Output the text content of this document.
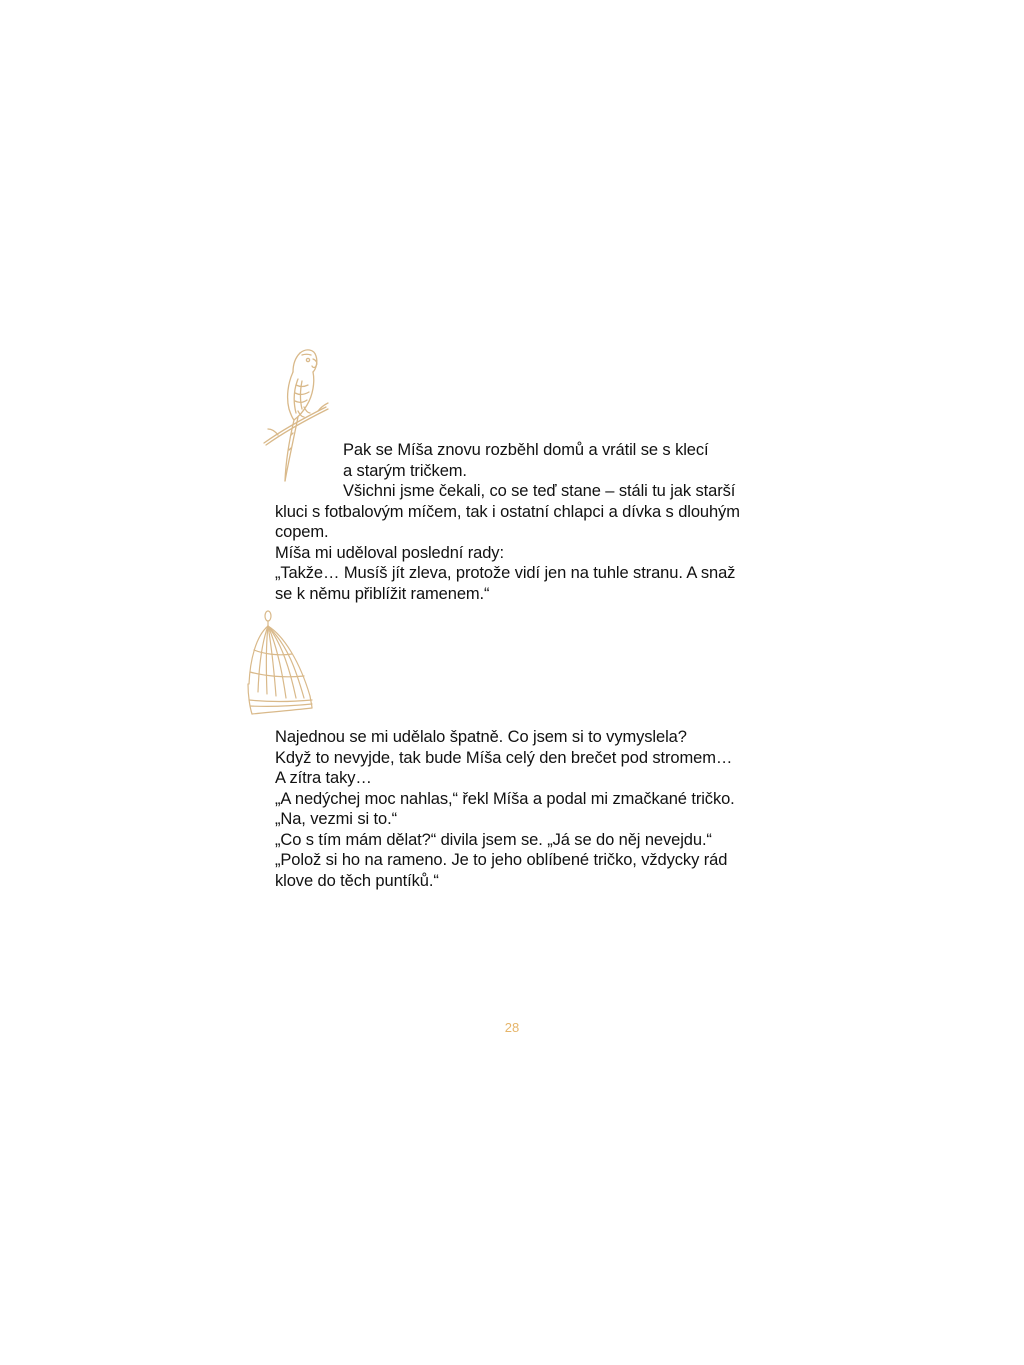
Pak se Míša znovu rozběhl domů a vrátil se s klecí
a starým tričkem.

Všichni jsme čekali, co se teď stane – stáli tu jak starší

kluci s fotbalovým míčem, tak i ostatní chlapci a dívka s dlouhým
copem.

Míša mi uděloval poslední rady:

„Takže… Musíš jít zleva, protože vidí jen na tuhle stranu. A snaž
se k němu přiblížit ramenem.“

Najednou se mi udělalo špatně. Co jsem si to vymyslela?

Když to nevyjde, tak bude Míša celý den brečet pod stromem…

A zítra taky…

„A nedýchej moc nahlas,“ řekl Míša a podal mi zmačkané tričko.

„Na, vezmi si to.“

„Co s tím mám dělat?“ divila jsem se. „Já se do něj nevejdu.“

„Polož si ho na rameno. Je to jeho oblíbené tričko, vždycky rád
klove do těch puntíků.“

28
